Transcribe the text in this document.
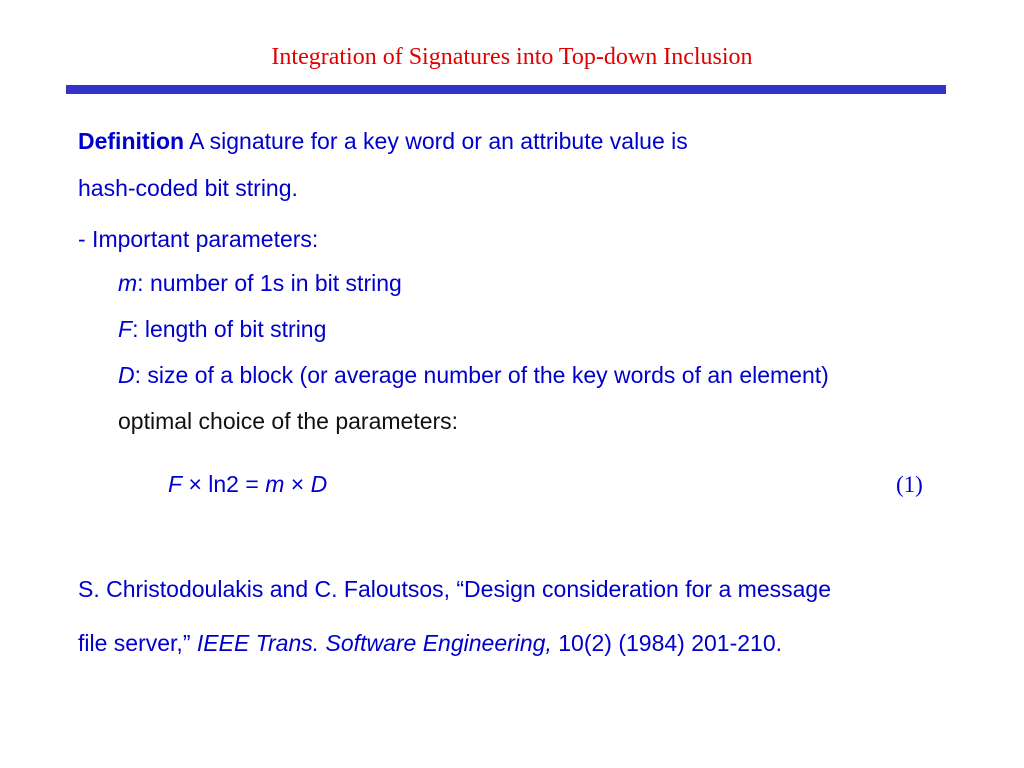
Integration of Signatures into Top-down Inclusion
Definition A signature for a key word or an attribute value is
hash-coded bit string.
- Important parameters:
m: number of 1s in bit string
F: length of bit string
D: size of a block (or average number of the key words of an element)
optimal choice of the parameters:
F × ln2 = m × D	(1)
S. Christodoulakis and C. Faloutsos, “Design consideration for a message
file server,” IEEE Trans. Software Engineering, 10(2) (1984) 201-210.
